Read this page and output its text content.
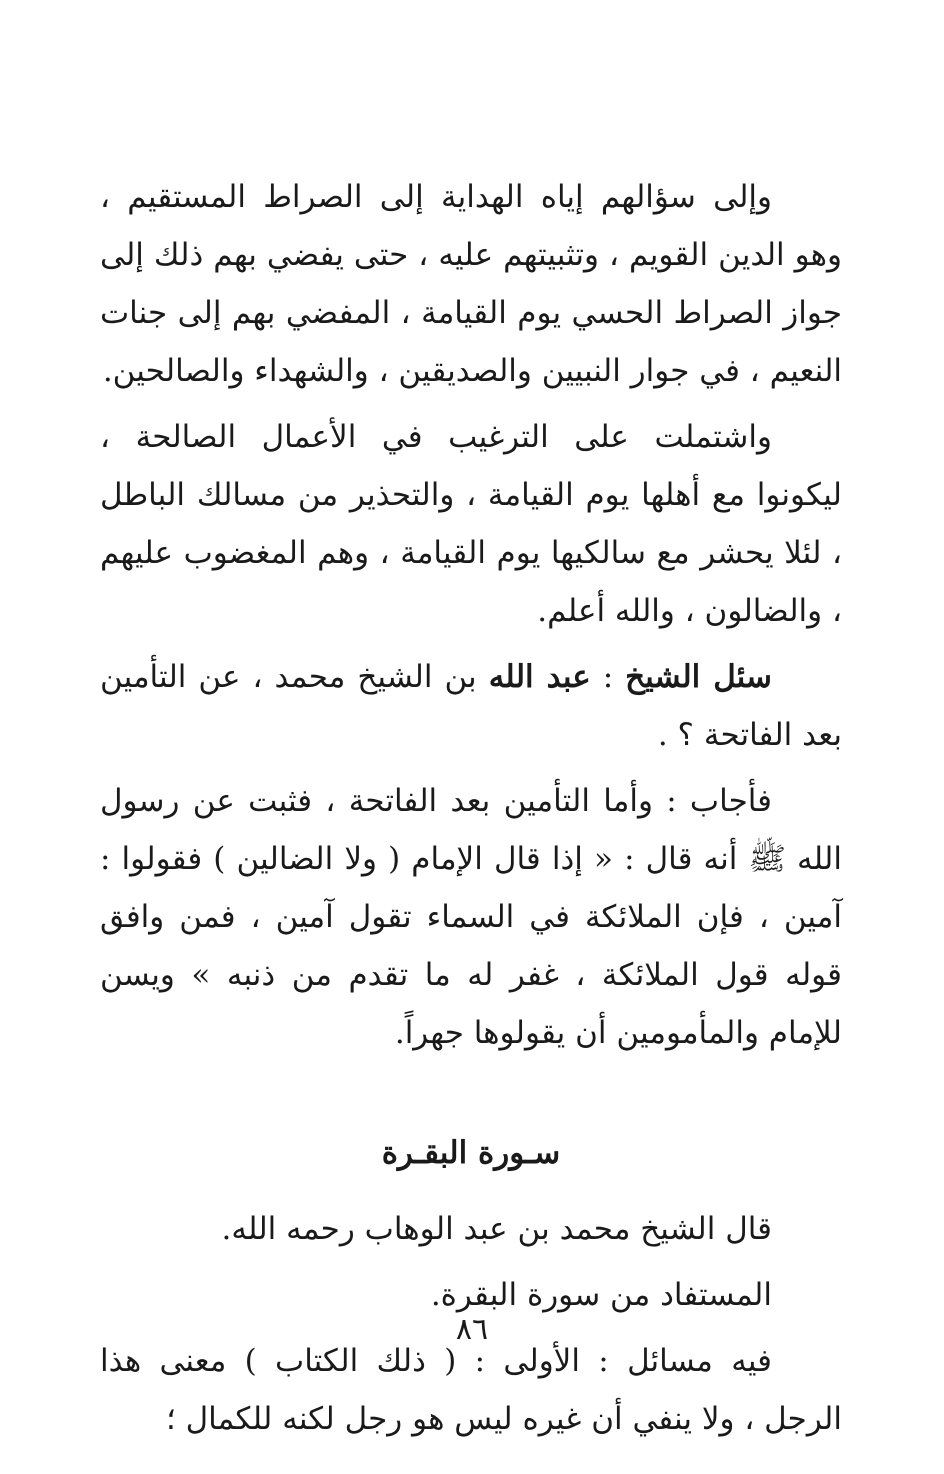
وإلى سؤالهم إياه الهداية إلى الصراط المستقيم ، وهو الدين القويم ، وتثبيتهم عليه ، حتى يفضي بهم ذلك إلى جواز الصراط الحسي يوم القيامة ، المفضي بهم إلى جنات النعيم ، في جوار النبيين والصديقين ، والشهداء والصالحين.

واشتملت على الترغيب في الأعمال الصالحة ، ليكونوا مع أهلها يوم القيامة ، والتحذير من مسالك الباطل ، لئلا يحشر مع سالكيها يوم القيامة ، وهم المغضوب عليهم ، والضالون ، والله أعلم.

سئل الشيخ : عبد الله بن الشيخ محمد ، عن التأمين بعد الفاتحة ؟ .

فأجاب : وأما التأمين بعد الفاتحة ، فثبت عن رسول الله ﷺ أنه قال : « إذا قال الإمام ( ولا الضالين ) فقولوا : آمين ، فإن الملائكة في السماء تقول آمين ، فمن وافق قوله قول الملائكة ، غفر له ما تقدم من ذنبه » ويسن للإمام والمأمومين أن يقولوها جهراً.

سـورة البقـرة

قال الشيخ محمد بن عبد الوهاب رحمه الله.

المستفاد من سورة البقرة.

فيه مسائل : الأولى : ( ذلك الكتاب ) معنى هذا الرجل ، ولا ينفي أن غيره ليس هو رجل لكنه للكمال ؛

٨٦
